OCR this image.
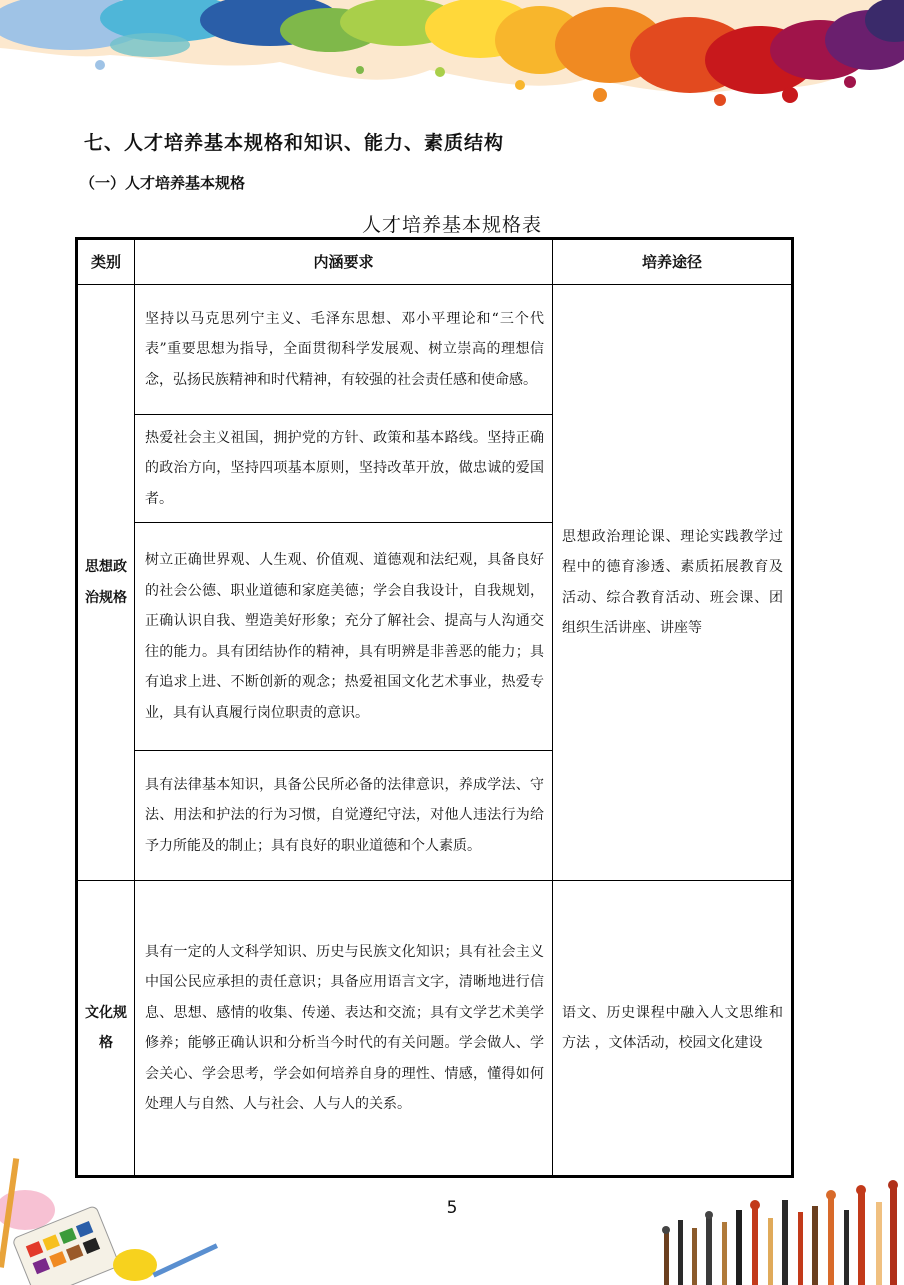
七、人才培养基本规格和知识、能力、素质结构
（一）人才培养基本规格
人才培养基本规格表
类别	内涵要求	培养途径
思想政治规格	坚持以马克思列宁主义、毛泽东思想、邓小平理论和“三个代表”重要思想为指导，全面贯彻科学发展观、树立崇高的理想信念，弘扬民族精神和时代精神，有较强的社会责任感和使命感。	思想政治理论课、理论实践教学过程中的德育渗透、素质拓展教育及活动、综合教育活动、班会课、团组织生活讲座、讲座等
	热爱社会主义祖国，拥护党的方针、政策和基本路线。坚持正确的政治方向，坚持四项基本原则，坚持改革开放，做忠诚的爱国者。	
	树立正确世界观、人生观、价值观、道德观和法纪观，具备良好的社会公德、职业道德和家庭美德；学会自我设计，自我规划，正确认识自我、塑造美好形象；充分了解社会、提高与人沟通交往的能力。具有团结协作的精神，具有明辨是非善恶的能力；具有追求上进、不断创新的观念；热爱祖国文化艺术事业，热爱专业，具有认真履行岗位职责的意识。	
	具有法律基本知识，具备公民所必备的法律意识，养成学法、守法、用法和护法的行为习惯，自觉遵纪守法，对他人违法行为给予力所能及的制止；具有良好的职业道德和个人素质。	
文化规格	具有一定的人文科学知识、历史与民族文化知识；具有社会主义中国公民应承担的责任意识；具备应用语言文字，清晰地进行信息、思想、感情的收集、传递、表达和交流；具有文学艺术美学修养；能够正确认识和分析当今时代的有关问题。学会做人、学会关心、学会思考，学会如何培养自身的理性、情感，懂得如何处理人与自然、人与社会、人与人的关系。	语文、历史课程中融入人文思维和方法 ，文体活动，校园文化建设
5
